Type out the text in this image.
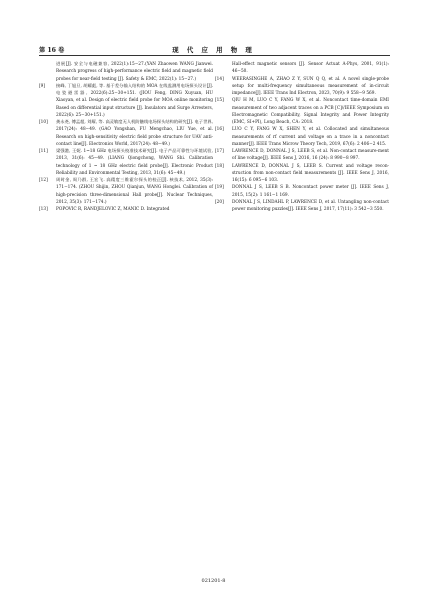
第 16 卷	现 代 应 用 物 理
进展[J]. 安全与电磁兼容, 2022(1):15−27.(YAN Zhaowen WANG Jianwei. Research progress of high-performance electric field and magnetic field probes for near-field testing [J]. Safety & EMC, 2022(1): 15−27.)
[9]	接峰, 丁旭旦, 胡耀彪, 等. 基于差分输入结构的 MOA 在线监测用电场探头设计[J]. 电瓷避雷器, 2022(6):25−30+151. (JIOU Feng, DING Xuyuan, HU Xiaoyan, et al. Design of electric field probe for MOA online monitoring Based on differential input structure [J]. Insulators and Surge Arresters, 2022(6): 25−30+151.)
[10]	龚永尧, 傅孟超, 刘耀, 等. 高灵敏度无人机防触线电场探头结构的研究[J]. 电子世界, 2017(24): 48−49. (GAO Yongshan, FU Mengchao, LIU Yue, et al. Research on high-sensitivity electric field probe structure for UAV anti-contact line[J]. Electronics World, 2017(24): 48−49.)
[11]	梁强港, 王妮. 1~18 GHz 电场探头校准技术研究[J]. 电子产品可靠性与环境试验, 2013, 31(6): 45−49. (LIANG Qiongchong, WANG Shi. Calibration technology of 1 ~ 18 GHz electric field probe[J]. Electronic Product Reliability and Environmental Testing, 2013, 31(6): 45−49.)
[12]	周时金, 周乃群, 王宏飞. 高精度三维霍尔探头的校正[J]. 核技术, 2012, 35(3): 171−174. (ZHOU Shijin, ZHOU Qianjun, WANG Honglei. Calibration of high-precision three-dimensional Hall probe[J]. Nuclear Techniques, 2012, 35(3): 171−174.)
[13]	POPOVIC R, RANDJELOVIC Z, MANIC D. Integrated
Hall-effect magnetic sensors [J]. Sensor Actuat A-Phys, 2001, 91(1): 46−50.
[14]	WEERASINGHE A, ZHAO Z Y, SUN Q Q, et al. A novel single-probe setup for multi-frequency simultaneous measurement of in-circuit impedance[J]. IEEE Trans Ind Electron, 2023, 70(9): 9 558−9 569.
[15]	QIU H M, LUO C Y, FANG W X, et al. Noncontact time-domain EMI measurement of two adjacent traces on a PCB [C]//IEEE Symposium on Electromagnetic Compatibility, Signal Integrity and Power Integrity (EMC, SI+PI), Long Beach, CA: 2018.
[16]	LUO C Y, FANG W X, SHEN Y, et al. Collocated and simultaneous measurements of rf current and voltage on a trace in a noncontact manner[J]. IEEE Trans Microw Theory Tech, 2019, 67(6): 2 406−2 415.
[17]	LAWRENCE D, DONNAL J S, LEEB S, et al. Non-contact measure-ment of line voltage[J]. IEEE Sens J, 2016, 16 (24): 8 990−8 997.
[18]	LAWRENCE D, DONNAL J S, LEEB S. Current and voltage recon-struction from non-contact field measurements [J]. IEEE Sens J, 2016, 16(15): 6 095−6 103.
[19]	DONNAL J S, LEEB S B. Noncontact power meter [J]. IEEE Sens J, 2015, 15(2): 1 161−1 169.
[20]	DONNAL J S, LINDAHL P, LAWRENCE D, et al. Untangling non-contact power monitoring puzzles[J]. IEEE Sens J, 2017, 17(11): 3 542−3 550.
021201-8
